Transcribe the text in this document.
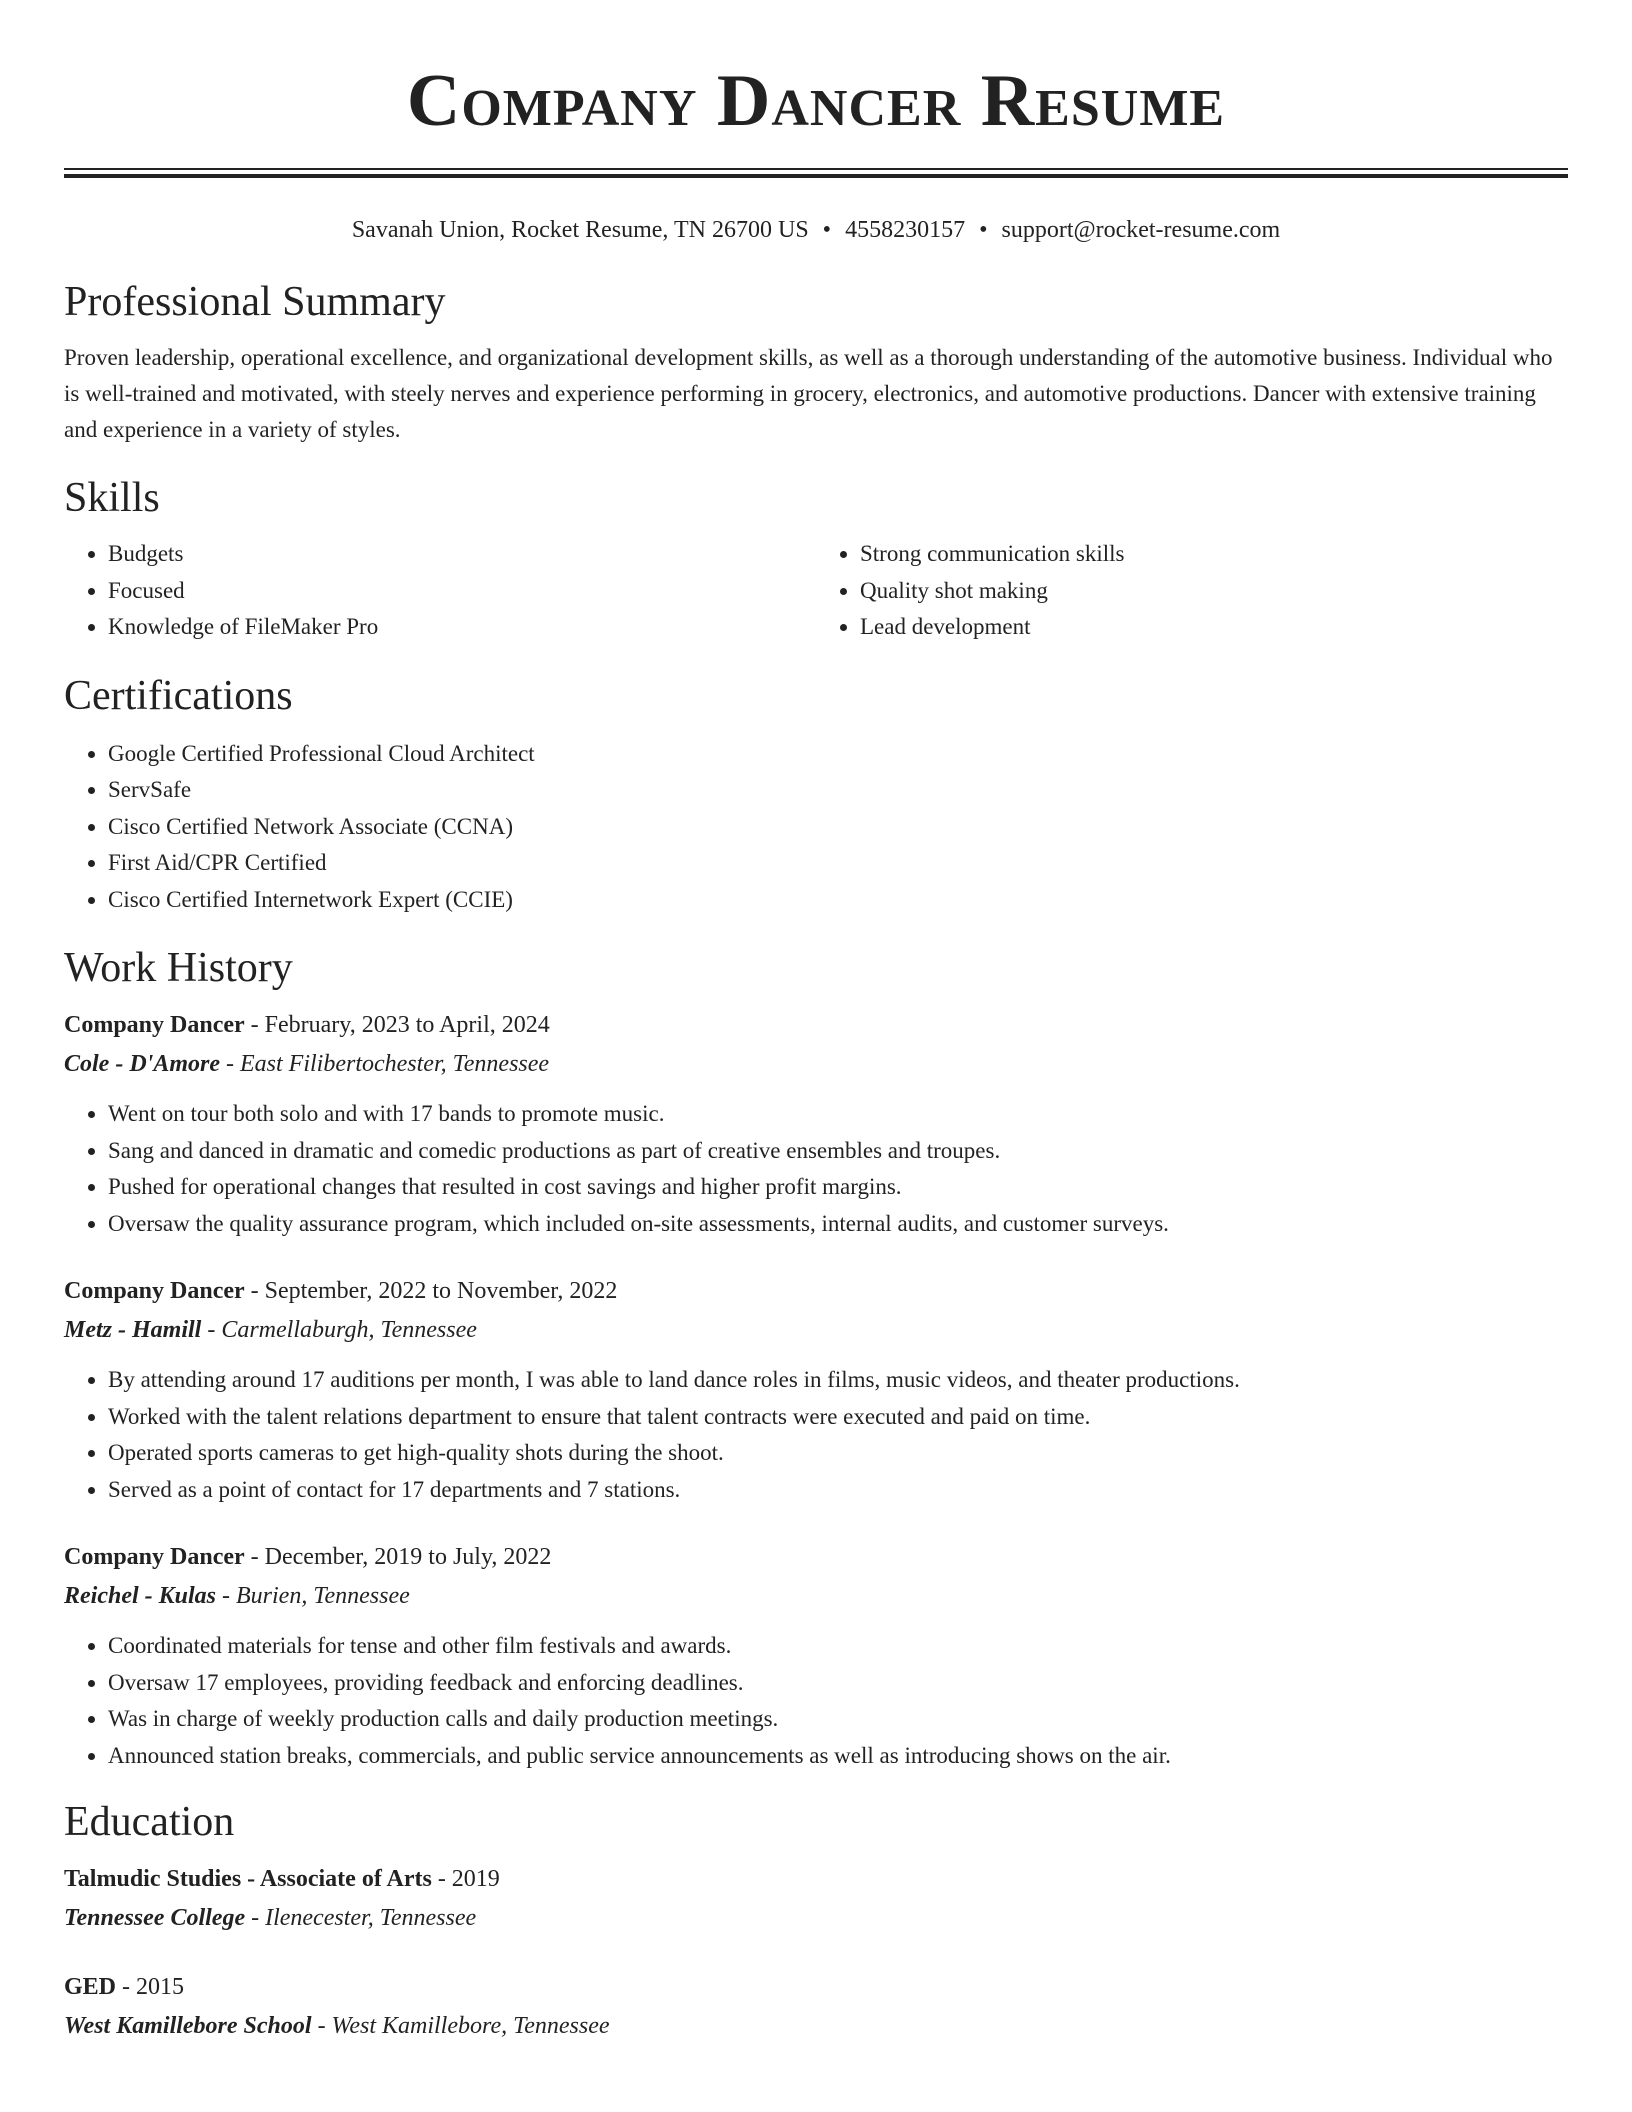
Company Dancer Resume
Savanah Union, Rocket Resume, TN 26700 US • 4558230157 • support@rocket-resume.com
Professional Summary

Proven leadership, operational excellence, and organizational development skills, as well as a thorough understanding of the automotive business. Individual who is well-trained and motivated, with steely nerves and experience performing in grocery, electronics, and automotive productions. Dancer with extensive training and experience in a variety of styles.

Skills
• Budgets
• Focused
• Knowledge of FileMaker Pro
• Strong communication skills
• Quality shot making
• Lead development
Certifications
• Google Certified Professional Cloud Architect
• ServSafe
• Cisco Certified Network Associate (CCNA)
• First Aid/CPR Certified
• Cisco Certified Internetwork Expert (CCIE)
Work History
Company Dancer - February, 2023 to April, 2024
Cole - D'Amore - East Filibertochester, Tennessee
• Went on tour both solo and with 17 bands to promote music.
• Sang and danced in dramatic and comedic productions as part of creative ensembles and troupes.
• Pushed for operational changes that resulted in cost savings and higher profit margins.
• Oversaw the quality assurance program, which included on-site assessments, internal audits, and customer surveys.
Company Dancer - September, 2022 to November, 2022
Metz - Hamill - Carmellaburgh, Tennessee
• By attending around 17 auditions per month, I was able to land dance roles in films, music videos, and theater productions.
• Worked with the talent relations department to ensure that talent contracts were executed and paid on time.
• Operated sports cameras to get high-quality shots during the shoot.
• Served as a point of contact for 17 departments and 7 stations.
Company Dancer - December, 2019 to July, 2022
Reichel - Kulas - Burien, Tennessee
• Coordinated materials for tense and other film festivals and awards.
• Oversaw 17 employees, providing feedback and enforcing deadlines.
• Was in charge of weekly production calls and daily production meetings.
• Announced station breaks, commercials, and public service announcements as well as introducing shows on the air.
Education
Talmudic Studies - Associate of Arts - 2019
Tennessee College - Ilenecester, Tennessee
GED - 2015
West Kamillebore School - West Kamillebore, Tennessee
